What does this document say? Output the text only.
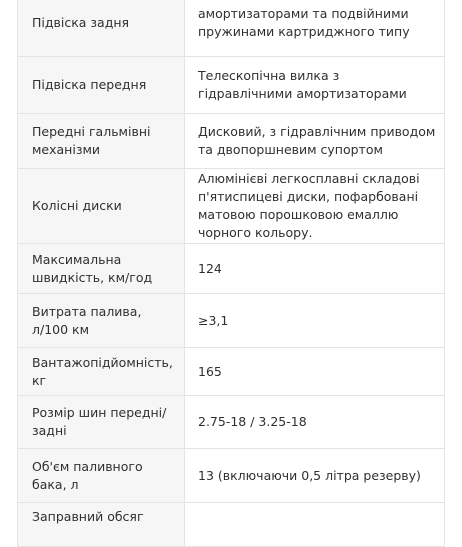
Підвіска задня	амортизаторами та подвійними пружинами картриджного типу

Підвіска передня	Телескопічна вилка з гідравлічними амортизаторами

Передні гальмівні механізми	Дисковий, з гідравлічним приводом та двопоршневим супортом

Колісні диски	Алюмінієві легкосплавні складові п'ятиспицеві диски, пофарбовані матовою порошковою емаллю чорного кольору.

Максимальна швидкість, км/год	124

Витрата палива, л/100 км	≥3,1

Вантажопідйомність, кг	165

Розмір шин передні/ задні	2.75-18 / 3.25-18

Об'єм паливного бака, л	13 (включаючи 0,5 літра резерву)

Заправний обсяг	
